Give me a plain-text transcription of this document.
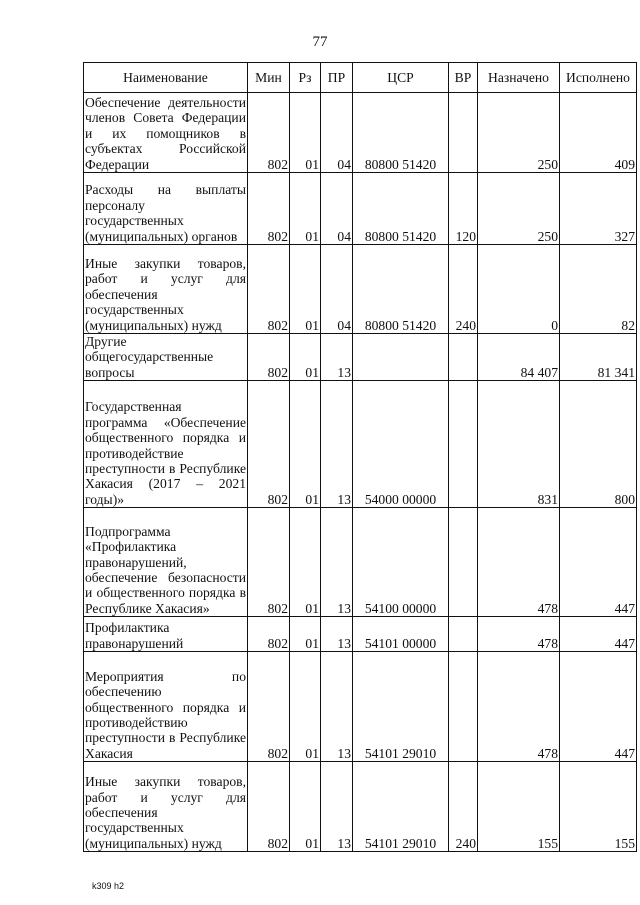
77
Наименование	Мин	Рз	ПР	ЦСР	ВР	Назначено	Исполнено
Обеспечение деятельности членов Совета Федерации и их помощников в субъектах Российской Федерации	802	01	04	80800 51420		250	409
Расходы на выплаты персоналу государственных (муниципальных) органов	802	01	04	80800 51420	120	250	327
Иные закупки товаров, работ и услуг для обеспечения государственных (муниципальных) нужд	802	01	04	80800 51420	240	0	82
Другие общегосударственные вопросы	802	01	13			84 407	81 341
Государственная программа «Обеспечение общественного порядка и противодействие преступности в Республике Хакасия (2017 – 2021 годы)»	802	01	13	54000 00000		831	800
Подпрограмма «Профилактика правонарушений, обеспечение безопасности и общественного порядка в Республике Хакасия»	802	01	13	54100 00000		478	447
Профилактика правонарушений	802	01	13	54101 00000		478	447
Мероприятия по обеспечению общественного порядка и противодействию преступности в Республике Хакасия	802	01	13	54101 29010		478	447
Иные закупки товаров, работ и услуг для обеспечения государственных (муниципальных) нужд	802	01	13	54101 29010	240	155	155
k309 h2
